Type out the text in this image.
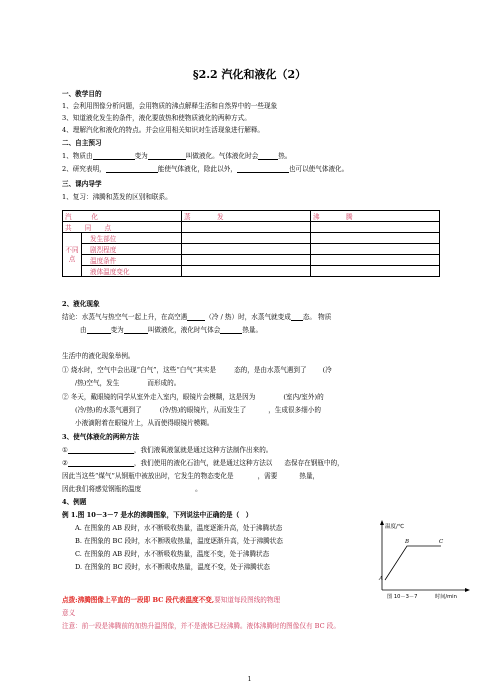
§2.2 汽化和液化（2）
一、教学目的
1、会利用图像分析问题，会用物质的沸点解释生活和自然界中的一些现象
3、知道液化发生的条件，液化要放热和使物质液化的两种方式。
4、理解汽化和液化的特点。并会应用相关知识对生活现象进行解释。
二、自主预习
1、物质由	变为	叫做液化。气体液化时会	热。
2、研究表明，	能使气体液化，除此以外，	也可以使气体液化。
三、课内导学
1、复习：沸腾和蒸发的区别和联系。
汽　　　化		蒸　　　　发	沸　　　　腾
共　　同　　点			
不同点	发生部位		
	剧烈程度		
	温度条件		
	液体温度变化		
2、液化现象
结论：水蒸气与热空气一起上升，在高空遇	（冷 / 热）时，水蒸气就变成 态。 物质
由	变为	叫做液化，液化时气体会	热量。
生活中的液化现象举例。
① 烧水时，空气中会出现“白气”，这些“白气”其实是	态的，是由水蒸气遇到了 (冷
/热)空气，发生	而形成的。
② 冬天，戴眼镜的同学从室外走入室内，眼镜片会模糊，这是因为	(室内/室外)的
(冷/热)的水蒸气遇到了	(冷/热)的眼镜片，从而发生了	，生成很多细小的
小液滴附着在眼镜片上，从而使得眼镜片模糊。
3、使气体液化的两种方法
①	，我们液氧液氢就是通过这种方法制作出来的。
②	，我们使用的液化石油气，就是通过这种方法以 态保存在钢瓶中的，
因此当这些“煤气”从钢瓶中被放出时，它发生的物态变化是	，需要	热量，
因此我们将感觉钢瓶的温度	。
4、例题
例 1.图 10－3－7 是水的沸腾图象，下列说法中正确的是（　）
A. 在图象的 AB 段时，水不断吸收热量，温度逐渐升高，处于沸腾状态
B. 在图象的 BC 段时，水不断吸收热量，温度逐渐升高，处于沸腾状态
C. 在图象的 AB 段时，水不断吸收热量，温度不变，处于沸腾状态
D. 在图象的 BC 段时，水不断吸收热量，温度不变，处于沸腾状态
点拨:沸腾图像上平直的一段即 BC 段代表温度不变,要知道每段图线的物理
意义
注意：前一段是沸腾前的加热升温图像，并不是液体已经沸腾。液体沸腾时的图像仅有 BC 段。
温度/℃
A
B	C
图 10－3－7	时间/min
1
